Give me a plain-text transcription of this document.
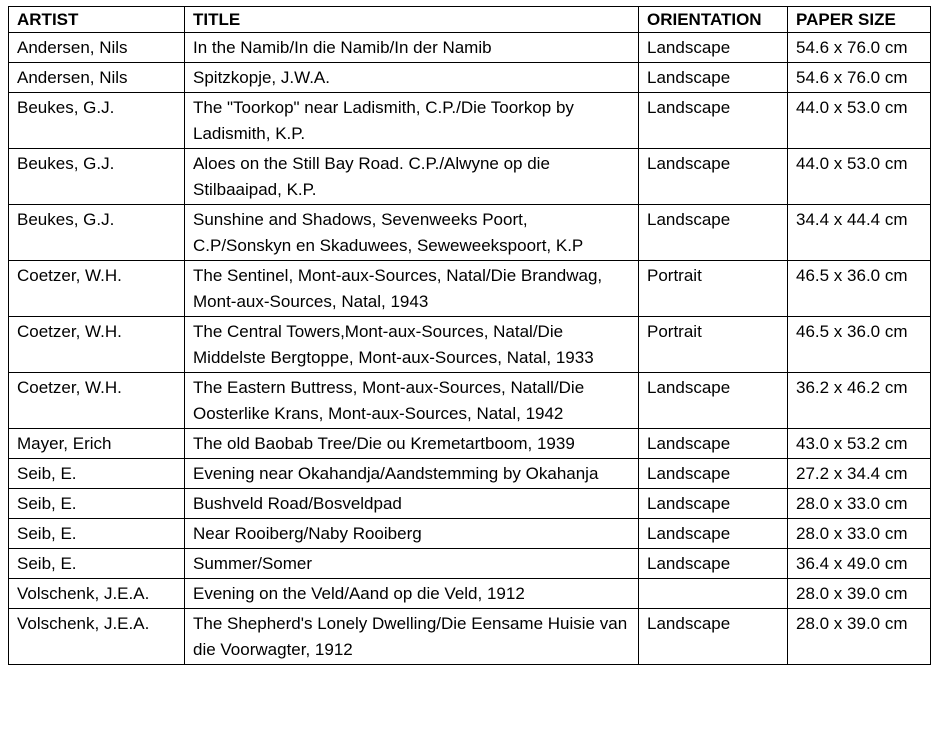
ARTIST	TITLE	ORIENTATION	PAPER SIZE
Andersen, Nils	In the Namib/In die Namib/In der Namib	Landscape	54.6 x 76.0 cm
Andersen, Nils	Spitzkopje, J.W.A.	Landscape	54.6 x 76.0 cm
Beukes, G.J.	The "Toorkop" near Ladismith, C.P./Die Toorkop by Ladismith, K.P.	Landscape	44.0 x 53.0 cm
Beukes, G.J.	Aloes on the Still Bay Road. C.P./Alwyne op die Stilbaaipad, K.P.	Landscape	44.0 x 53.0 cm
Beukes, G.J.	Sunshine and Shadows, Sevenweeks Poort, C.P/Sonskyn en Skaduwees, Seweweekspoort, K.P	Landscape	34.4 x 44.4 cm
Coetzer, W.H.	The Sentinel, Mont-aux-Sources, Natal/Die Brandwag, Mont-aux-Sources, Natal, 1943	Portrait	46.5 x 36.0 cm
Coetzer, W.H.	The Central Towers,Mont-aux-Sources, Natal/Die Middelste Bergtoppe, Mont-aux-Sources, Natal, 1933	Portrait	46.5 x 36.0 cm
Coetzer, W.H.	The Eastern Buttress, Mont-aux-Sources, Natall/Die Oosterlike Krans, Mont-aux-Sources, Natal, 1942	Landscape	36.2 x 46.2 cm
Mayer, Erich	The old Baobab Tree/Die ou Kremetartboom, 1939	Landscape	43.0 x 53.2 cm
Seib, E.	Evening near Okahandja/Aandstemming by Okahanja	Landscape	27.2 x 34.4 cm
Seib, E.	Bushveld Road/Bosveldpad	Landscape	28.0 x 33.0 cm
Seib, E.	Near Rooiberg/Naby Rooiberg	Landscape	28.0 x 33.0 cm
Seib, E.	Summer/Somer	Landscape	36.4 x 49.0 cm
Volschenk, J.E.A.	Evening on the Veld/Aand op die Veld, 1912		28.0 x 39.0 cm
Volschenk, J.E.A.	The Shepherd's Lonely Dwelling/Die Eensame Huisie van die Voorwagter, 1912	Landscape	28.0 x 39.0 cm
